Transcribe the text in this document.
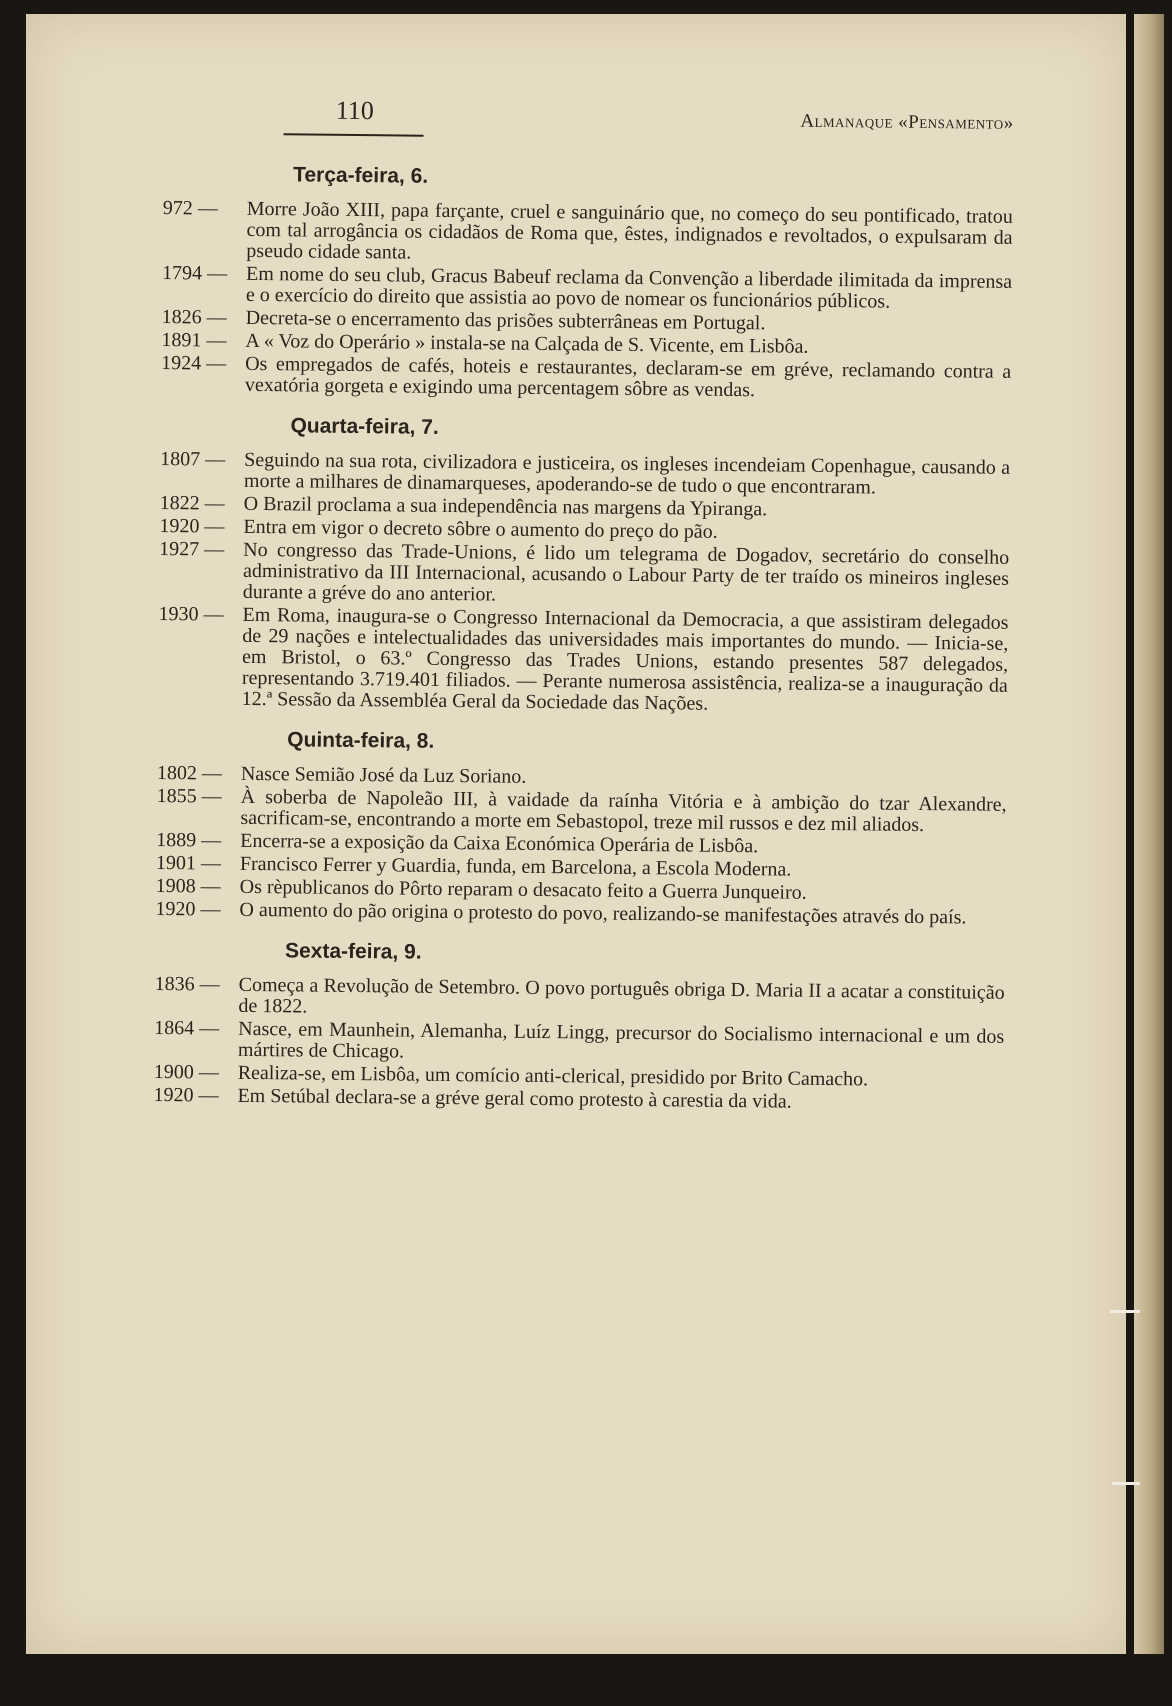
110	Almanaque «Pensamento»
Terça-feira, 6.
972 —	Morre João XIII, papa farçante, cruel e sanguinário que, no começo do seu pontificado, tratou com tal arrogância os cidadãos de Roma que, êstes, indignados e revoltados, o expulsaram da pseudo cidade santa.
1794 — Em nome do seu club, Gracus Babeuf reclama da Convenção a liberdade ilimitada da imprensa e o exercício do direito que assistia ao povo de nomear os funcionários públicos.
1826 — Decreta-se o encerramento das prisões subterrâneas em Portugal.
1891 — A « Voz do Operário » instala-se na Calçada de S. Vicente, em Lisbôa.
1924 — Os empregados de cafés, hoteis e restaurantes, declaram-se em gréve, reclamando contra a vexatória gorgeta e exigindo uma percentagem sôbre as vendas.
Quarta-feira, 7.
1807 — Seguindo na sua rota, civilizadora e justiceira, os ingleses incendeiam Copenhague, causando a morte a milhares de dinamarqueses, apoderando-se de tudo o que encontraram.
1822 — O Brazil proclama a sua independência nas margens da Ypiranga.
1920 — Entra em vigor o decreto sôbre o aumento do preço do pão.
1927 — No congresso das Trade-Unions, é lido um telegrama de Dogadov, secretário do conselho administrativo da III Internacional, acusando o Labour Party de ter traído os mineiros ingleses durante a gréve do ano anterior.
1930 — Em Roma, inaugura-se o Congresso Internacional da Democracia, a que assistiram delegados de 29 nações e intelectualidades das universidades mais importantes do mundo. — Inicia-se, em Bristol, o 63.º Congresso das Trades Unions, estando presentes 587 delegados, representando 3.719.401 filiados. — Perante numerosa assistência, realiza-se a inauguração da 12.ª Sessão da Assembléa Geral da Sociedade das Nações.
Quinta-feira, 8.
1802 — Nasce Semião José da Luz Soriano.
1855 — À soberba de Napoleão III, à vaidade da raínha Vitória e à ambição do tzar Alexandre, sacrificam-se, encontrando a morte em Sebastopol, treze mil russos e dez mil aliados.
1889 — Encerra-se a exposição da Caixa Económica Operária de Lisbôa.
1901 — Francisco Ferrer y Guardia, funda, em Barcelona, a Escola Moderna.
1908 — Os rèpublicanos do Pôrto reparam o desacato feito a Guerra Junqueiro.
1920 — O aumento do pão origina o protesto do povo, realizando-se manifestações através do país.
Sexta-feira, 9.
1836 — Começa a Revolução de Setembro. O povo português obriga D. Maria II a acatar a constituição de 1822.
1864 — Nasce, em Maunhein, Alemanha, Luíz Lingg, precursor do Socialismo internacional e um dos mártires de Chicago.
1900 — Realiza-se, em Lisbôa, um comício anti-clerical, presidido por Brito Camacho.
1920 — Em Setúbal declara-se a gréve geral como protesto à carestia da vida.
